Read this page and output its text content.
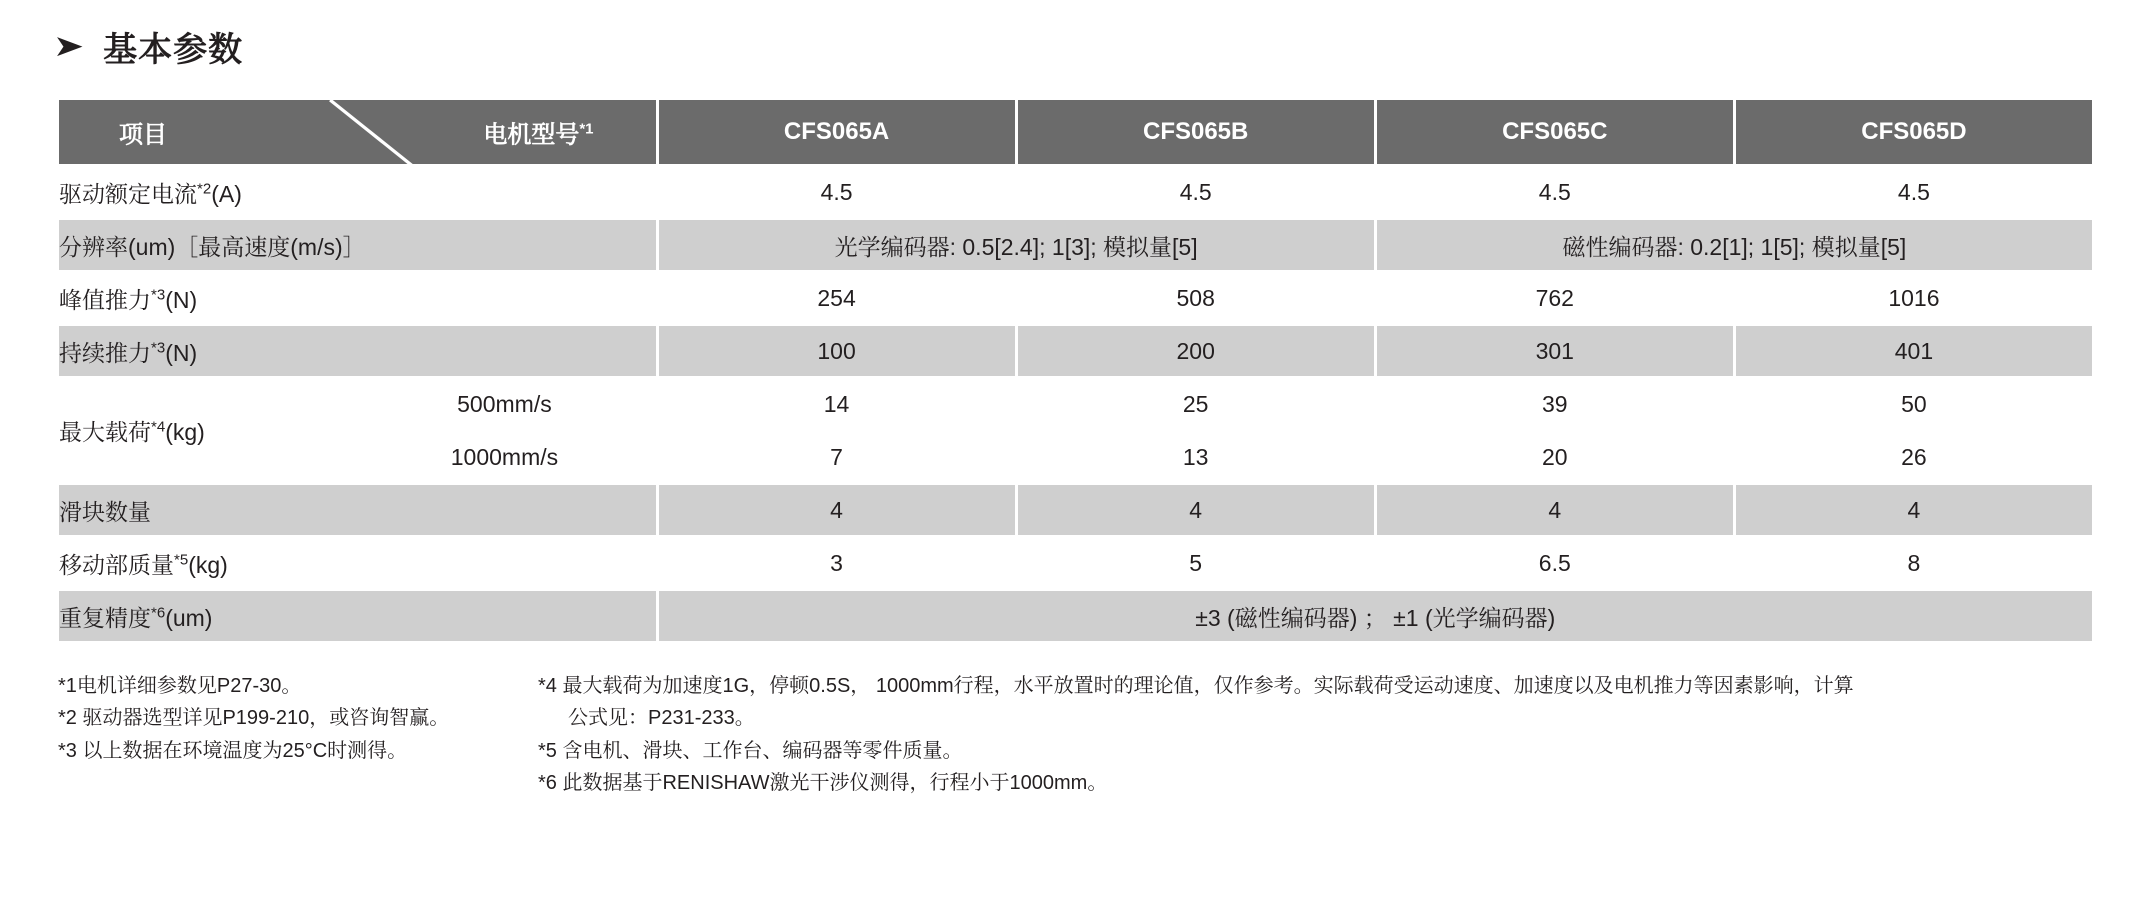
➤ 基本参数
项目 电机型号$^{*1}$		CFS065A	CFS065B	CFS065C	CFS065D
驱动额定电流$^{*2}$(A)		4.5	4.5	4.5	4.5
分辨率(um)［最高速度(m/s)］		光学编码器: 0.5[2.4]; 1[3]; 模拟量[5]		磁性编码器: 0.2[1]; 1[5]; 模拟量[5]	
峰值推力$^{*3}$(N)		254	508	762	1016
持续推力$^{*3}$(N)		100	200	301	401
最大载荷$^{*4}$(kg)	500mm/s	14	25	39	50
	1000mm/s	7	13	20	26
滑块数量		4	4	4	4
移动部质量$^{*5}$(kg)		3	5	6.5	8
重复精度$^{*6}$(um)		±3 (磁性编码器) ； ±1 (光学编码器)			
*1电机详细参数见P27-30。
*2 驱动器选型详见P199-210，或咨询智赢。
*3 以上数据在环境温度为25°C时测得。
*4 最大载荷为加速度1G，停顿0.5S， 1000mm行程，水平放置时的理论值，仅作参考。实际载荷受运动速度、加速度以及电机推力等因素影响，计算
公式见：P231-233。
*5 含电机、滑块、工作台、编码器等零件质量。
*6 此数据基于RENISHAW激光干涉仪测得，行程小于1000mm。
